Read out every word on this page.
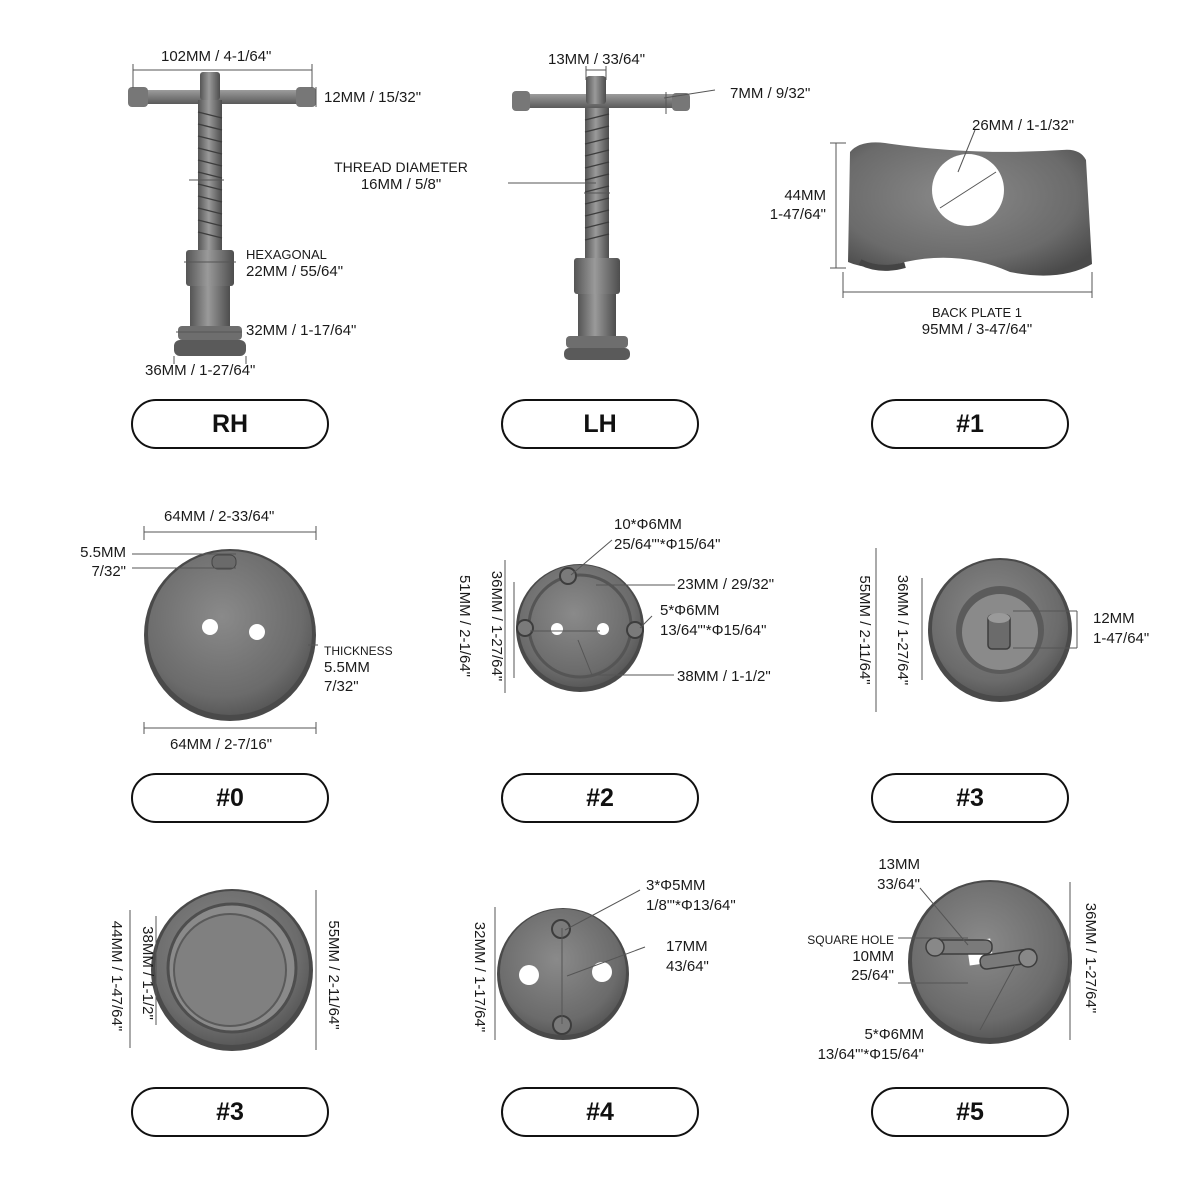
102MM / 4-1/64"
12MM / 15/32"
THREAD DIAMETER
16MM / 5/8"
HEXAGONAL
22MM / 55/64"
32MM / 1-17/64"
36MM / 1-27/64"
13MM / 33/64"
7MM / 9/32"
26MM / 1-1/32"
44MM
1-47/64"
BACK PLATE 1
95MM / 3-47/64"
64MM / 2-33/64"
5.5MM
7/32"
THICKNESS
5.5MM
7/32"
64MM / 2-7/16"
10*Φ6MM
25/64"'*Φ15/64"
23MM / 29/32"
5*Φ6MM
13/64"'*Φ15/64"
38MM / 1-1/2"
51MM / 2-1/64" 36MM / 1-27/64"	12MM
1-47/64"
55MM / 2-11/64" 36MM / 1-27/64"
44MM / 1-47/64" 38MM / 1-1/2"	55MM / 2-11/64"
3*Φ5MM
1/8"'*Φ13/64"
17MM
43/64"
32MM / 1-17/64"
13MM
33/64"
SQUARE HOLE
10MM
25/64"
5*Φ6MM
13/64"'*Φ15/64"
36MM / 1-27/64"
RH	LH	#1
#0	#2	#3
#3	#4	#5
